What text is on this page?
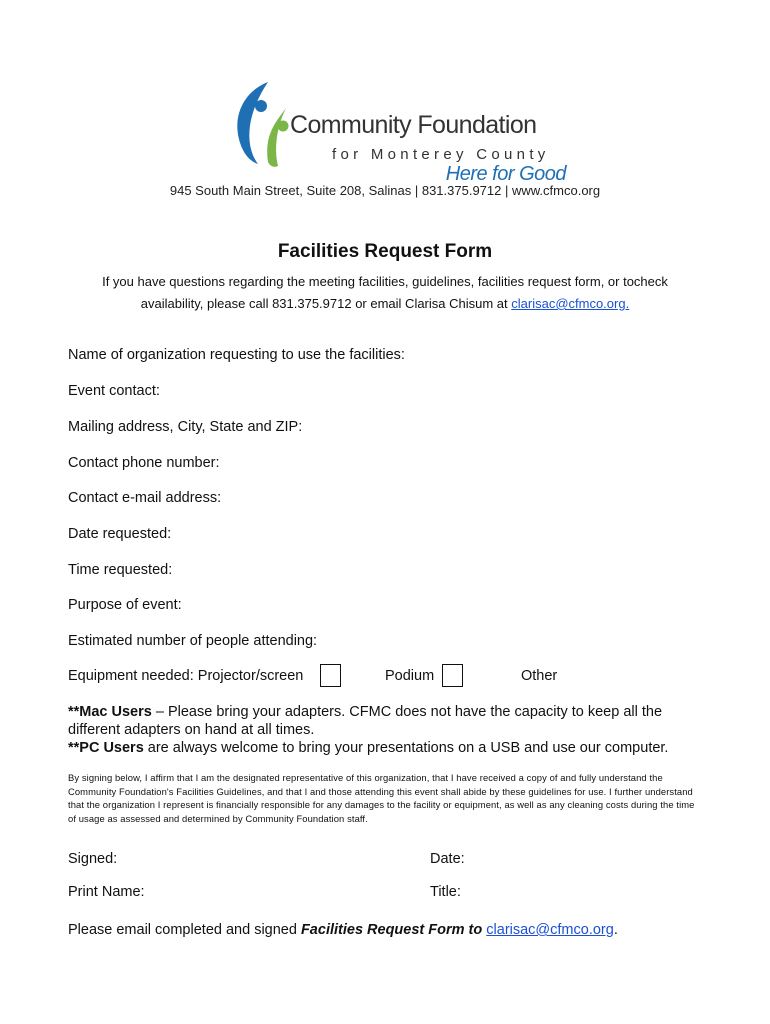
Here for Good
Community Foundation
for Monterey County
945 South Main Street, Suite 208, Salinas | 831.375.9712 | www.cfmco.org
Facilities Request Form
If you have questions regarding the meeting facilities, guidelines, facilities request form, or tocheck availability, please call 831.375.9712 or email Clarisa Chisum at clarisac@cfmco.org.
Name of organization requesting to use the facilities:
Event contact:
Mailing address, City, State and ZIP:
Contact phone number:
Contact e-mail address:
Date requested:
Time requested:
Purpose of event:
Estimated number of people attending:
Equipment needed: Projector/screen	Podium	Other
**Mac Users – Please bring your adapters. CFMC does not have the capacity to keep all the different adapters on hand at all times.
**PC Users are always welcome to bring your presentations on a USB and use our computer.
By signing below, I affirm that I am the designated representative of this organization, that I have received a copy of and fully understand the Community Foundation's Facilities Guidelines, and that I and those attending this event shall abide by these guidelines for use. I further understand that the organization I represent is financially responsible for any damages to the facility or equipment, as well as any cleaning costs during the time of usage as assessed and determined by Community Foundation staff.
Signed:	Date:
Print Name:	Title:
Please email completed and signed Facilities Request Form to clarisac@cfmco.org.
